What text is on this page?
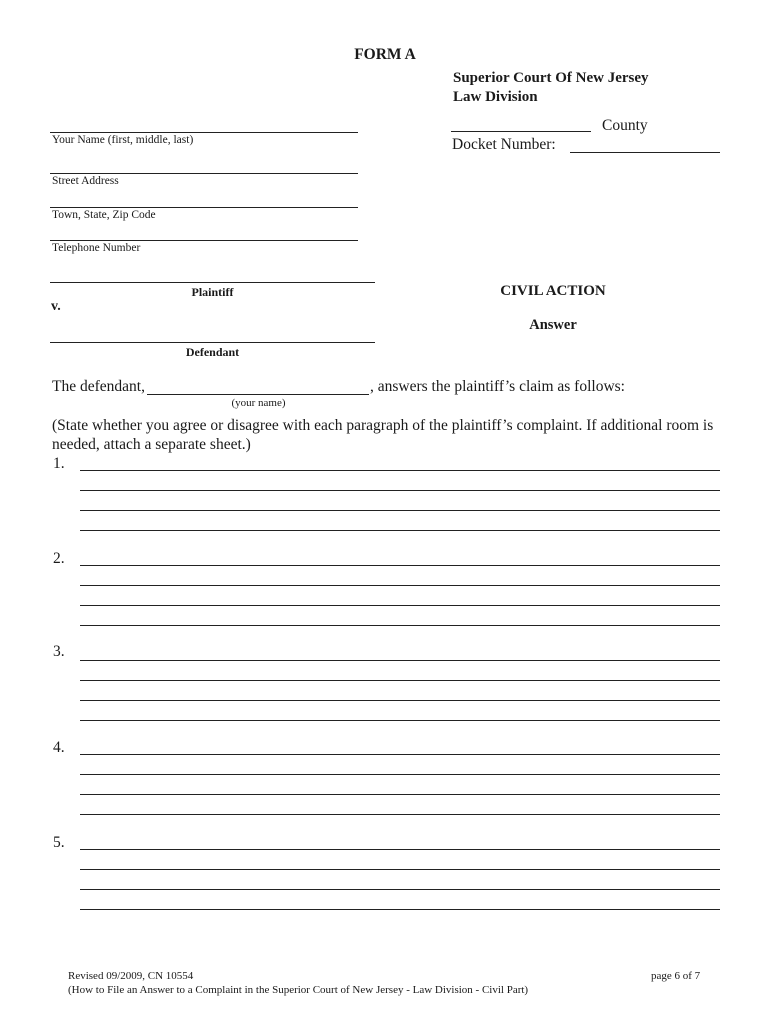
FORM A
Superior Court Of New Jersey
Law Division
County
Docket Number:
Your Name (first, middle, last)
Street Address
Town, State, Zip Code
Telephone Number
Plaintiff
v.
Defendant
CIVIL ACTION
Answer
The defendant,	, answers the plaintiff’s claim as follows:
(your name)
(State whether you agree or disagree with each paragraph of the plaintiff’s complaint. If additional room is needed, attach a separate sheet.)
1.
2.
3.
4.
5.
Revised 09/2009, CN 10554
(How to File an Answer to a Complaint in the Superior Court of New Jersey - Law Division - Civil Part)
page 6 of 7
